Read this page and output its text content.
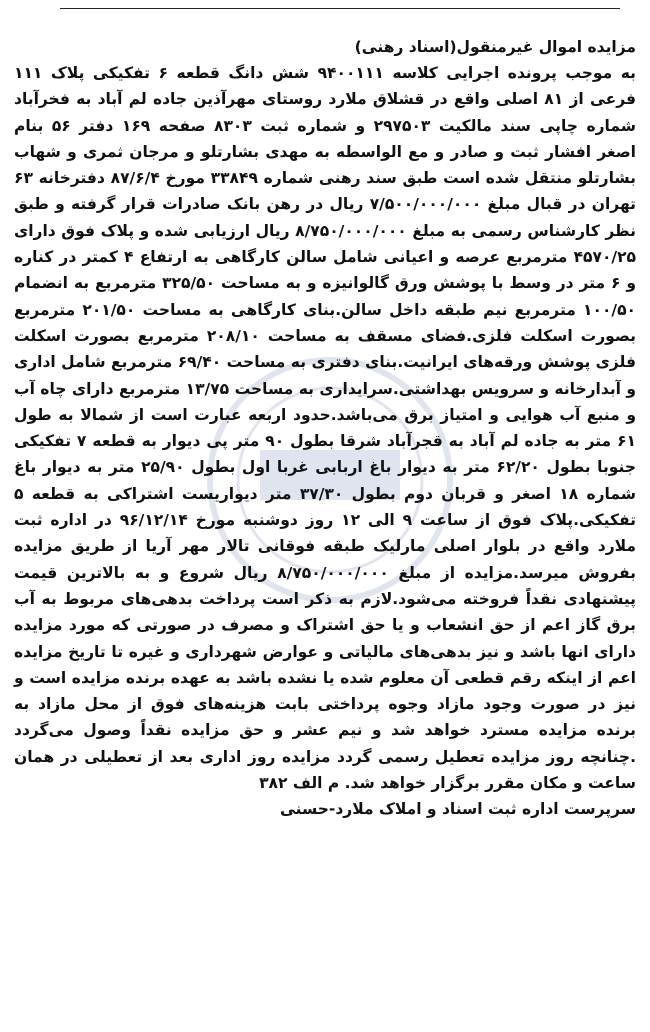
مزایده اموال غیرمنقول(اسناد رهنی)

به موجب پرونده اجرایی کلاسه ۹۴۰۰۱۱۱ شش دانگ قطعه ۶ تفکیکی پلاک ۱۱۱ فرعی از ۸۱ اصلی واقع در قشلاق ملارد روستای مهرآذین جاده لم آباد به فخرآباد شماره چاپی سند مالکیت ۲۹۷۵۰۳ و شماره ثبت ۸۳۰۳ صفحه ۱۶۹ دفتر ۵۶ بنام اصغر افشار ثبت و صادر و مع الواسطه به مهدی بشارتلو و مرجان ثمری و شهاب بشارتلو منتقل شده است طبق سند رهنی شماره ۳۳۸۴۹ مورخ ۸۷/۶/۴ دفترخانه ۶۳ تهران در قبال مبلغ ۷/۵۰۰/۰۰۰/۰۰۰ ریال در رهن بانک صادرات قرار گرفته و طبق نظر کارشناس رسمی به مبلغ ۸/۷۵۰/۰۰۰/۰۰۰ ریال ارزیابی شده و پلاک فوق دارای ۴۵۷۰/۲۵ مترمربع عرصه و اعیانی شامل سالن کارگاهی به ارتفاع ۴ کمتر در کناره و ۶ متر در وسط با پوشش ورق گالوانیزه و به مساحت ۳۲۵/۵۰ مترمربع به انضمام ۱۰۰/۵۰ مترمربع نیم طبقه داخل سالن.بنای کارگاهی به مساحت ۲۰۱/۵۰ مترمربع بصورت اسکلت فلزی.فضای مسقف به مساحت ۲۰۸/۱۰ مترمربع بصورت اسکلت فلزی پوشش ورقه‌های ایرانیت.بنای دفتری به مساحت ۶۹/۴۰ مترمربع شامل اداری و آبدارخانه و سرویس بهداشتی.سرایداری به مساحت ۱۳/۷۵ مترمربع دارای چاه آب و منبع آب هوایی و امتیاز برق می‌باشد.حدود اربعه عبارت است از شمالا به طول ۶۱ متر به جاده لم آباد به قجرآباد شرقا بطول ۹۰ متر پی دیوار به قطعه ۷ تفکیکی جنوبا بطول ۶۲/۲۰ متر به دیوار باغ اربابی غربا اول بطول ۲۵/۹۰ متر به دیوار باغ شماره ۱۸ اصغر و قربان دوم بطول ۳۷/۳۰ متر دیواریست اشتراکی به قطعه ۵ تفکیکی.پلاک فوق از ساعت ۹ الی ۱۲ روز دوشنبه مورخ ۹۶/۱۲/۱۴ در اداره ثبت ملارد واقع در بلوار اصلی مارلیک طبقه فوقانی تالار مهر آریا از طریق مزایده بفروش میرسد.مزایده از مبلغ ۸/۷۵۰/۰۰۰/۰۰۰ ریال شروع و به بالاترین قیمت پیشنهادی نقداً فروخته می‌شود.لازم به ذکر است پرداخت بدهی‌های مربوط به آب برق گاز اعم از حق انشعاب و یا حق اشتراک و مصرف در صورتی که مورد مزایده دارای انها باشد و نیز بدهی‌های مالیاتی و عوارض شهرداری و غیره تا تاریخ مزایده اعم از اینکه رقم قطعی آن معلوم شده یا نشده باشد به عهده برنده مزایده است و نیز در صورت وجود مازاد وجوه پرداختی بابت هزینه‌های فوق از محل مازاد به برنده مزایده مسترد خواهد شد و نیم عشر و حق مزایده نقداً وصول می‌گردد .چنانچه روز مزایده تعطیل رسمی گردد مزایده روز اداری بعد از تعطیلی در همان ساعت و مکان مقرر برگزار خواهد شد. م الف ۳۸۲

سرپرست اداره ثبت اسناد و املاک ملارد-حسنی
